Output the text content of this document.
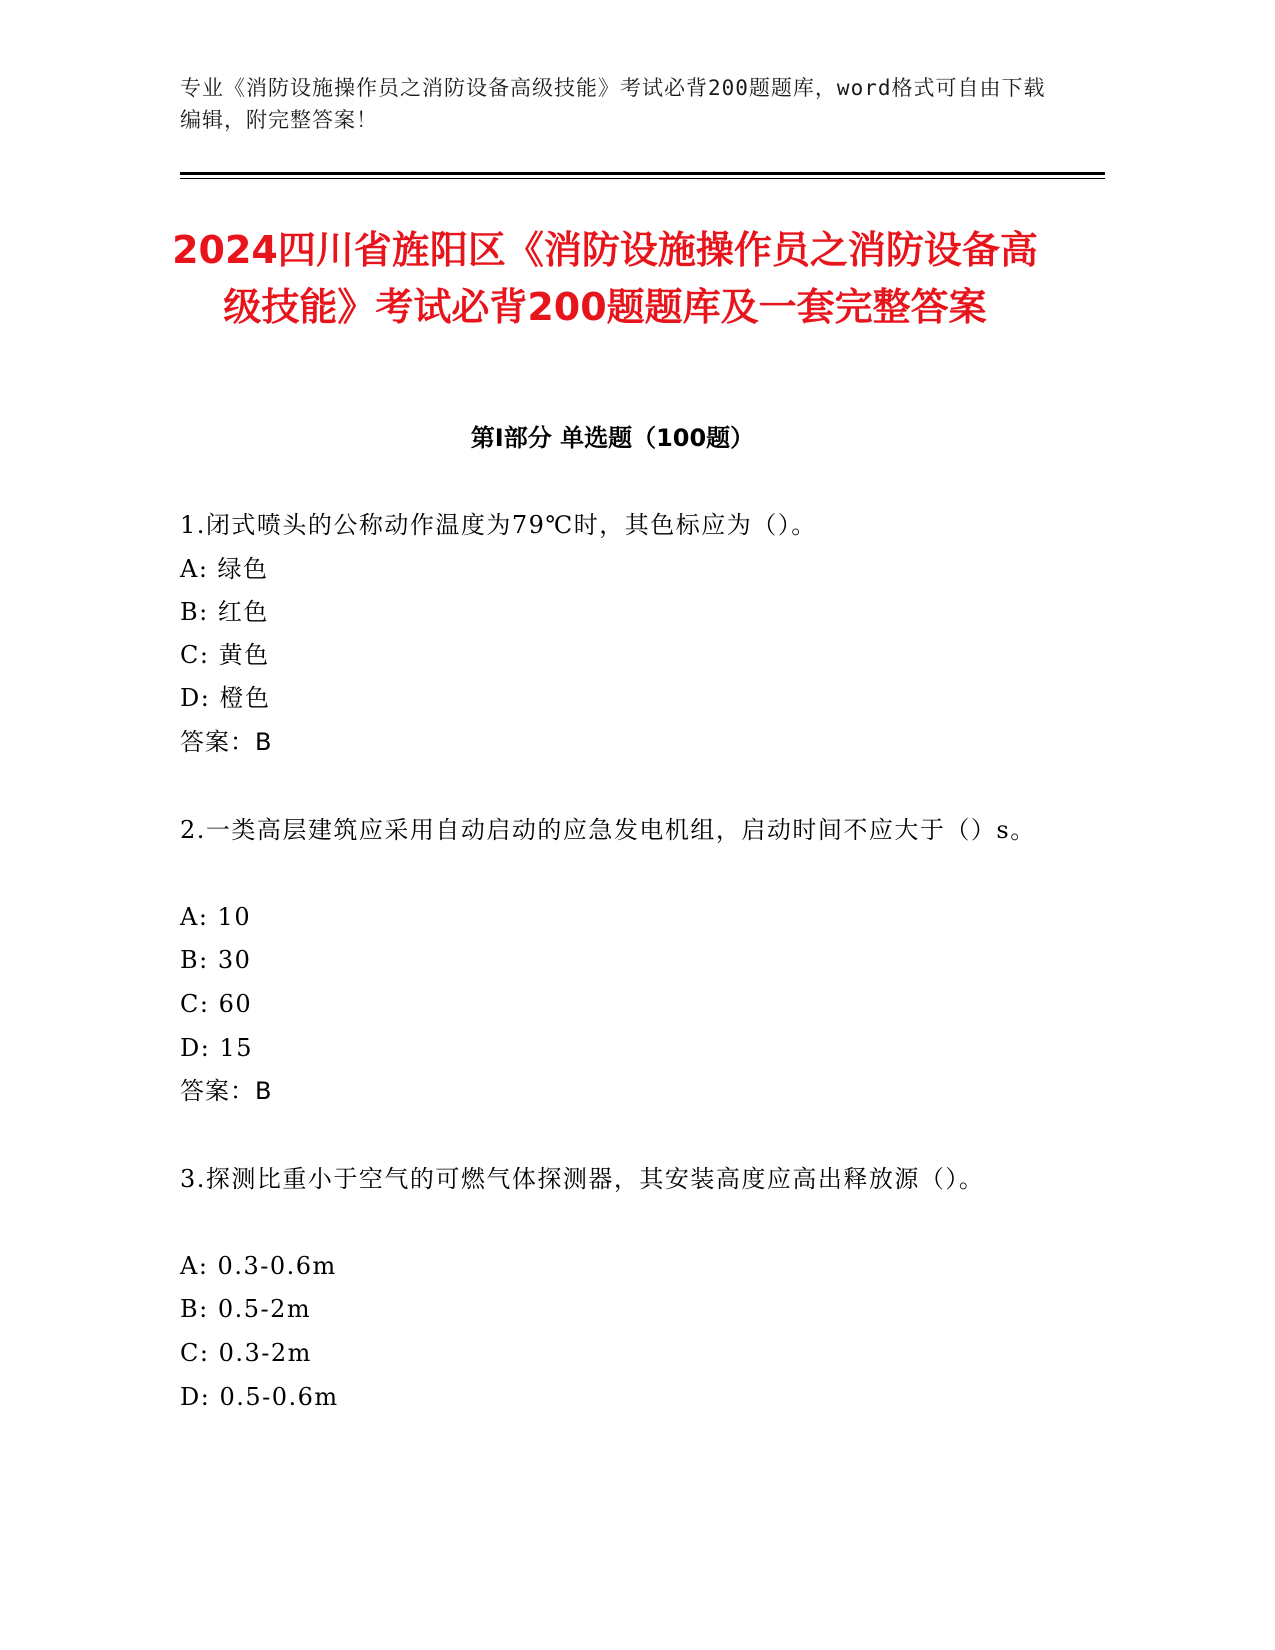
专业《消防设施操作员之消防设备高级技能》考试必背200题题库，word格式可自由下载编辑，附完整答案！

2024四川省旌阳区《消防设施操作员之消防设备高级技能》考试必背200题题库及一套完整答案
第I部分 单选题（100题）

1.闭式喷头的公称动作温度为79℃时，其色标应为（）。

A: 绿色

B: 红色

C: 黄色

D: 橙色

答案：B

2.一类高层建筑应采用自动启动的应急发电机组，启动时间不应大于（）s。

A: 10

B: 30

C: 60

D: 15

答案：B

3.探测比重小于空气的可燃气体探测器，其安装高度应高出释放源（）。

A: 0.3-0.6m

B: 0.5-2m

C: 0.3-2m

D: 0.5-0.6m
